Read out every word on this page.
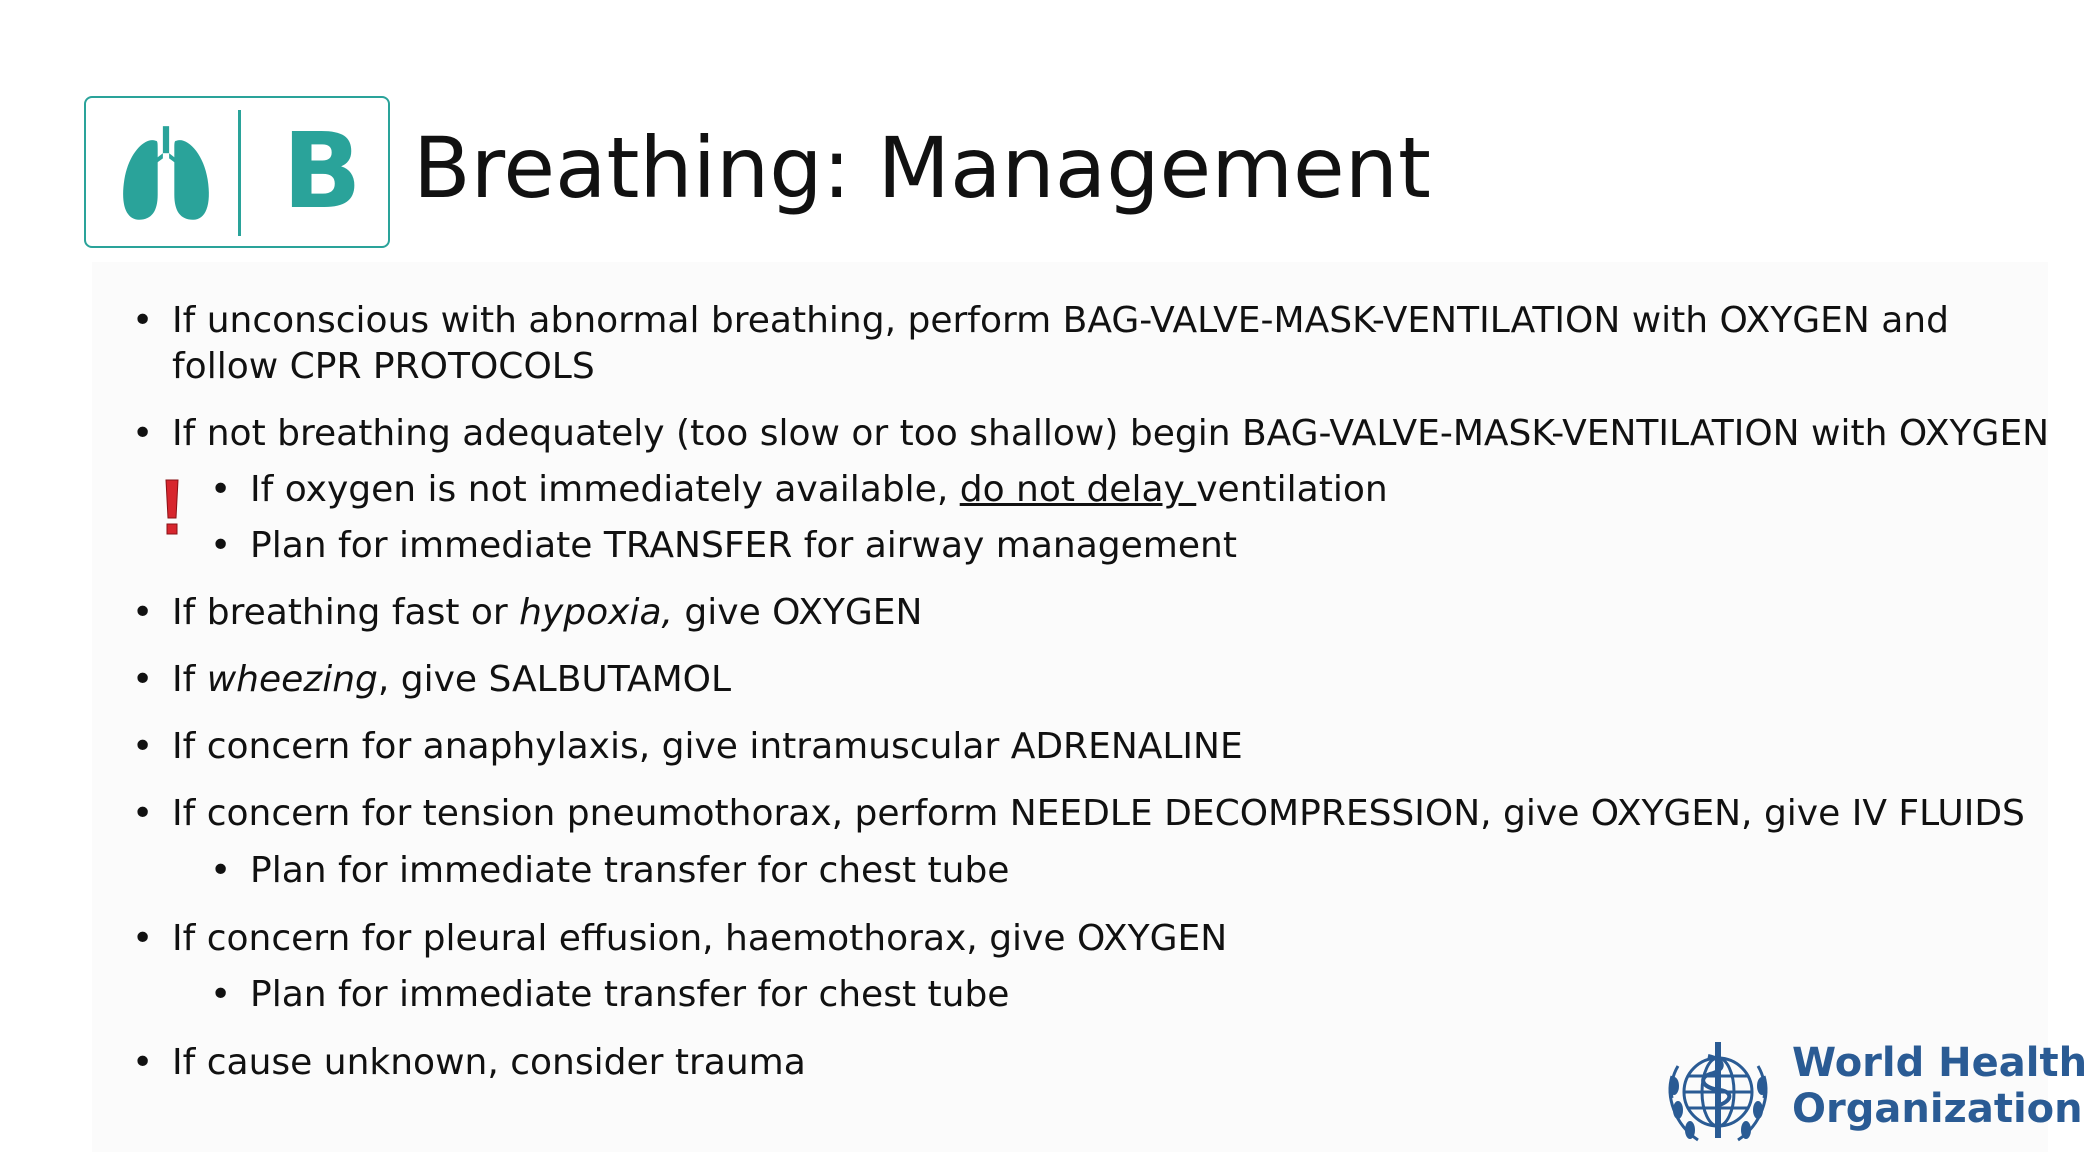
B Breathing: Management
• If unconscious with abnormal breathing, perform BAG-VALVE-MASK-VENTILATION with OXYGEN and
follow CPR PROTOCOLS
• If not breathing adequately (too slow or too shallow) begin BAG-VALVE-MASK-VENTILATION with OXYGEN
• If oxygen is not immediately available, do not delay ventilation
• Plan for immediate TRANSFER for airway management
• If breathing fast or hypoxia, give OXYGEN
• If wheezing, give SALBUTAMOL
• If concern for anaphylaxis, give intramuscular ADRENALINE
• If concern for tension pneumothorax, perform NEEDLE DECOMPRESSION, give OXYGEN, give IV FLUIDS
• Plan for immediate transfer for chest tube
• If concern for pleural effusion, haemothorax, give OXYGEN
• Plan for immediate transfer for chest tube
• If cause unknown, consider trauma	World Health
Organization
